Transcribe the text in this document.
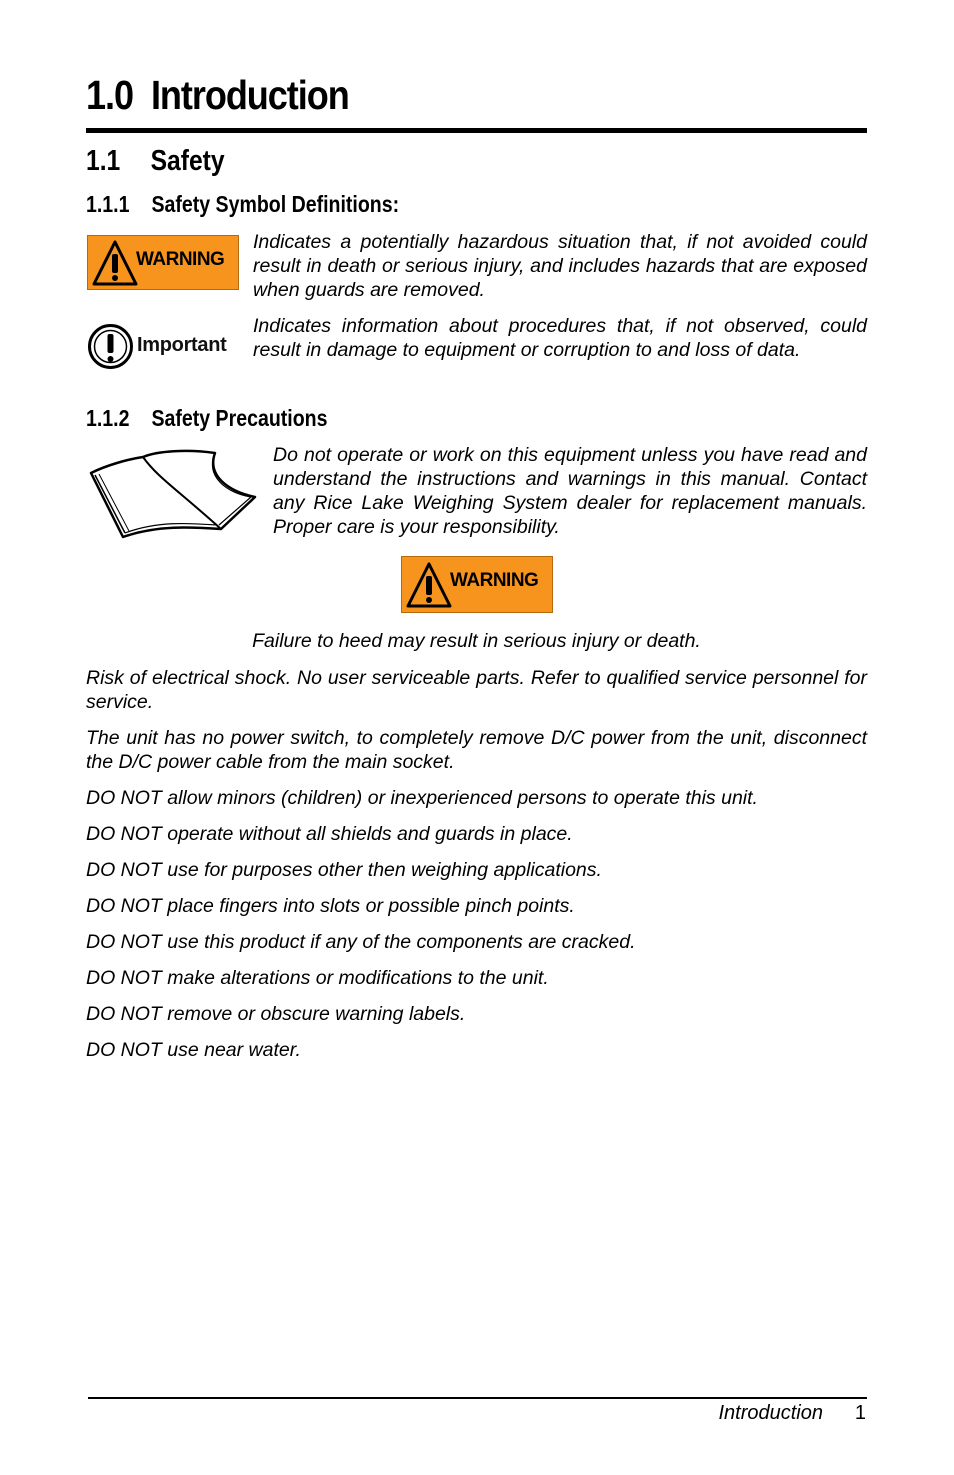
1.0 Introduction
1.1 Safety
1.1.1 Safety Symbol Definitions:
WARNING

Indicates a potentially hazardous situation that, if not avoided could result in death or serious injury, and includes hazards that are exposed when guards are removed.

Important

Indicates information about procedures that, if not observed, could result in damage to equipment or corruption to and loss of data.

1.1.2 Safety Precautions

Do not operate or work on this equipment unless you have read and understand the instructions and warnings in this manual. Contact any Rice Lake Weighing System dealer for replacement manuals. Proper care is your responsibility.

WARNING

Failure to heed may result in serious injury or death.

Risk of electrical shock. No user serviceable parts. Refer to qualified service personnel for service.

The unit has no power switch, to completely remove D/C power from the unit, disconnect the D/C power cable from the main socket.

DO NOT allow minors (children) or inexperienced persons to operate this unit.

DO NOT operate without all shields and guards in place.

DO NOT use for purposes other then weighing applications.

DO NOT place fingers into slots or possible pinch points.

DO NOT use this product if any of the components are cracked.

DO NOT make alterations or modifications to the unit.

DO NOT remove or obscure warning labels.

DO NOT use near water.

Introduction 1
